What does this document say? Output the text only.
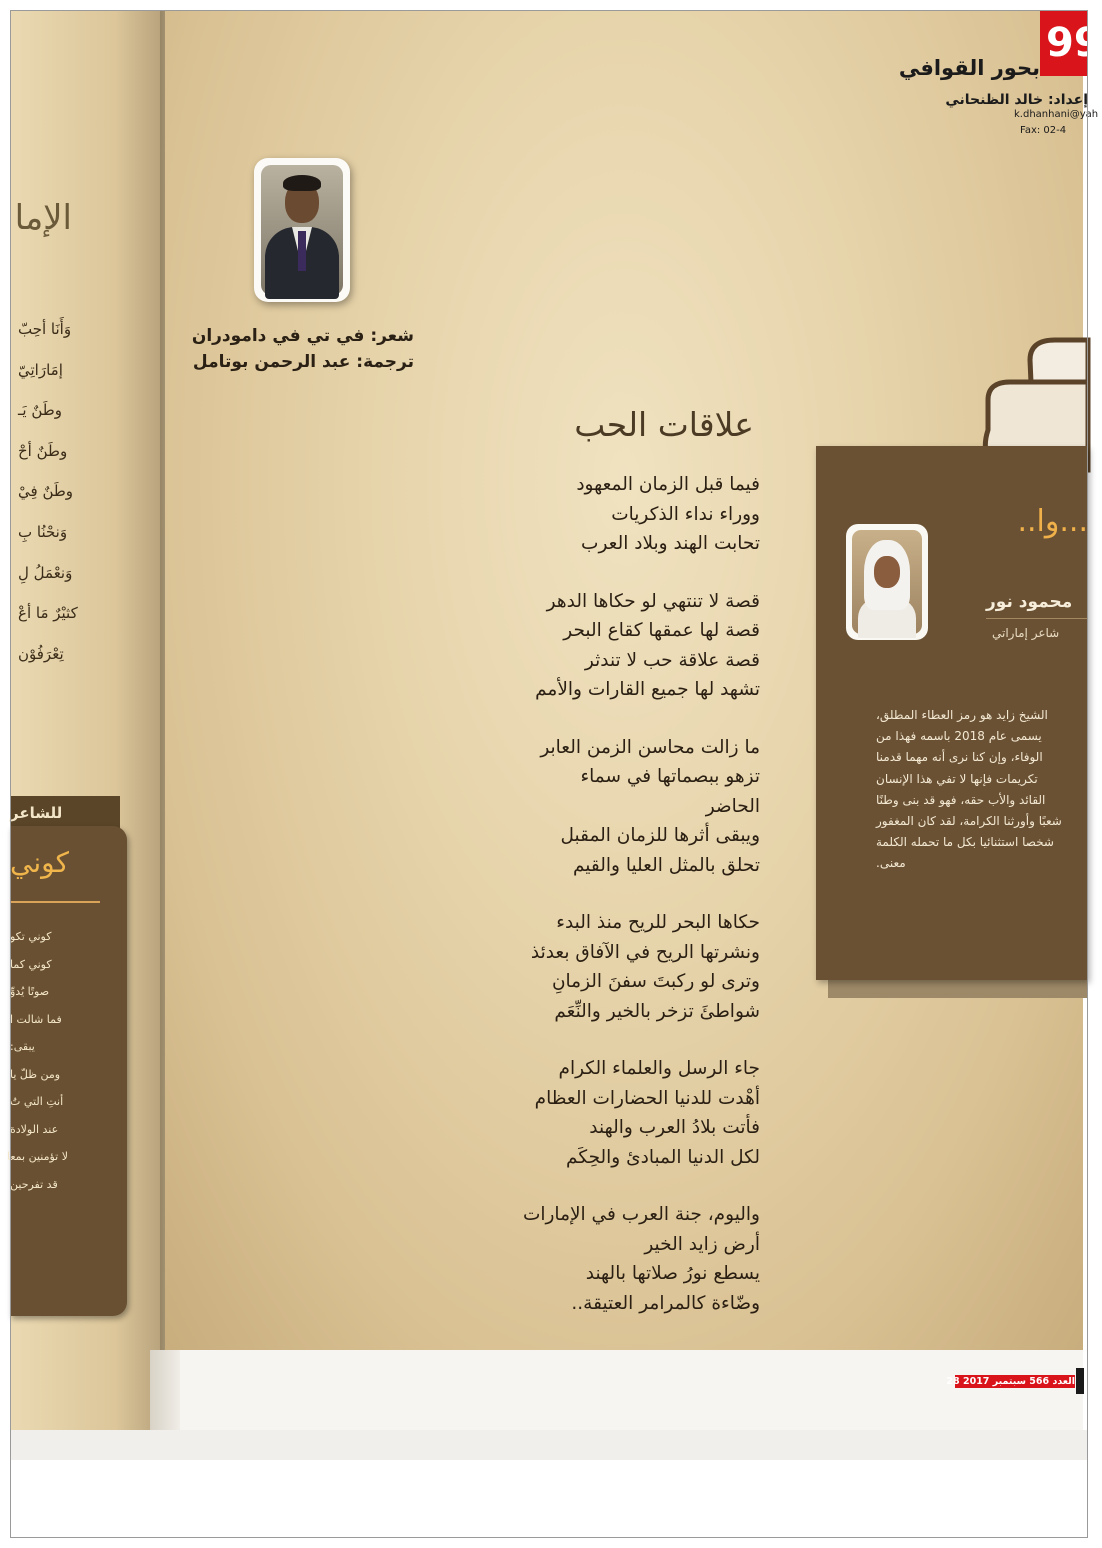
الإما
وَأَنَا أحِبّ
إمَارَاتِيّ
وطَنٌ يَـ
وطَنٌ أحْ
وطَنٌ فِيْ
وَنحْنُا بِ
وَنعْمَلُ لِ
كثيْرٌ مَا أعْ
تِعْرَفُوْن
للشاعر
كوني
كوني تكو
كوني كما
صوتًا يُدوِّ
فما شالت ا
يبقى:
ومن ظلّ يا
أنتِ التي تُ
عند الولادة
لا تؤمنين بمعا
قد تفرحين
99
بحور القوافي
إعداد: خالد الظنحاني
k.dhanhani@yah
Fax: 02-4
شعر: في تي في دامودران
ترجمة: عبد الرحمن بوتامل
علاقات الحب
فيما قبل الزمان المعهود
ووراء نداء الذكريات
تحابت الهند وبلاد العرب
قصة لا تنتهي لو حكاها الدهر
قصة لها عمقها كقاع البحر
قصة علاقة حب لا تندثر
تشهد لها جميع القارات والأمم
ما زالت محاسن الزمن العابر
تزهو ببصماتها في سماء
الحاضر
ويبقى أثرها للزمان المقبل
تحلق بالمثل العليا والقيم
حكاها البحر للريح منذ البدء
ونشرتها الريح في الآفاق بعدئذ
وترى لو ركبتَ سفنَ الزمانِ
شواطئَ تزخر بالخير والنِّعَم
جاء الرسل والعلماء الكرام
أهْدت للدنيا الحضارات العظام
فأتت بلادُ العرب والهند
لكل الدنيا المبادئ والحِكَم
واليوم، جنة العرب في الإمارات
أرض زايد الخير
يسطع نورُ صلاتها بالهند
وضّاءة كالمرامر العتيقة..
...وا..
محمود نور
شاعر إماراتي
الشيخ زايد هو رمز العطاء المطلق،
يسمى عام 2018 باسمه فهذا من
الوفاء، وإن كنا نرى أنه مهما قدمنا
تكريمات فإنها لا تفي هذا الإنسان
القائد والأب حقه، فهو قد بنى وطنًا
شعبًا وأورثنا الكرامة، لقد كان المغفور
شخصا استثنائيا بكل ما تحمله الكلمة
معنى.
العدد 566 سبتمبر 2017 28
